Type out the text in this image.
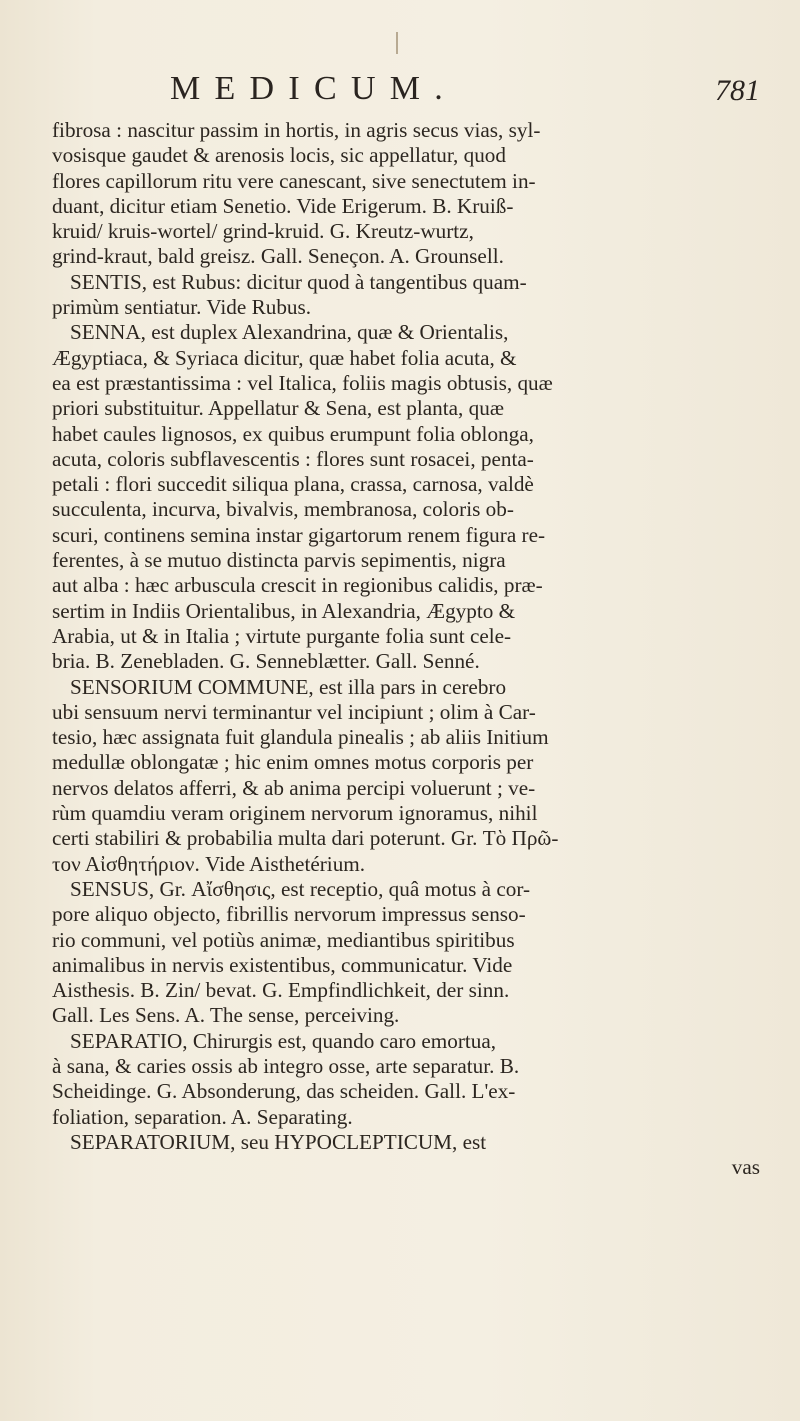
MEDICUM.	781
fibrosa : nascitur passim in hortis, in agris secus vias, syl-
vosisque gaudet & arenosis locis, sic appellatur, quod
flores capillorum ritu vere canescant, sive senectutem in-
duant, dicitur etiam Senetio. Vide Erigerum. B. Kruiß-
kruid/ kruis-wortel/ grind-kruid. G. Kreutz-wurtz,
grind-kraut, bald greisz. Gall. Seneçon. A. Grounsell.
SENTIS, est Rubus: dicitur quod à tangentibus quam-
primùm sentiatur. Vide Rubus.
SENNA, est duplex Alexandrina, quæ & Orientalis,
Ægyptiaca, & Syriaca dicitur, quæ habet folia acuta, &
ea est præstantissima : vel Italica, foliis magis obtusis, quæ
priori substituitur. Appellatur & Sena, est planta, quæ
habet caules lignosos, ex quibus erumpunt folia oblonga,
acuta, coloris subflavescentis : flores sunt rosacei, penta-
petali : flori succedit siliqua plana, crassa, carnosa, valdè
succulenta, incurva, bivalvis, membranosa, coloris ob-
scuri, continens semina instar gigartorum renem figura re-
ferentes, à se mutuo distincta parvis sepimentis, nigra
aut alba : hæc arbuscula crescit in regionibus calidis, præ-
sertim in Indiis Orientalibus, in Alexandria, Ægypto &
Arabia, ut & in Italia ; virtute purgante folia sunt cele-
bria. B. Zenebladen. G. Senneblætter. Gall. Senné.
SENSORIUM COMMUNE, est illa pars in cerebro
ubi sensuum nervi terminantur vel incipiunt ; olim à Car-
tesio, hæc assignata fuit glandula pinealis ; ab aliis Initium
medullæ oblongatæ ; hic enim omnes motus corporis per
nervos delatos afferri, & ab anima percipi voluerunt ; ve-
rùm quamdiu veram originem nervorum ignoramus, nihil
certi stabiliri & probabilia multa dari poterunt. Gr. Τὸ Πρῶ-
τον Αἰσθητήριον. Vide Aisthetérium.
SENSUS, Gr. Αἴσθησις, est receptio, quâ motus à cor-
pore aliquo objecto, fibrillis nervorum impressus senso-
rio communi, vel potiùs animæ, mediantibus spiritibus
animalibus in nervis existentibus, communicatur. Vide
Aisthesis. B. Zin/ bevat. G. Empfindlichkeit, der sinn.
Gall. Les Sens. A. The sense, perceiving.
SEPARATIO, Chirurgis est, quando caro emortua,
à sana, & caries ossis ab integro osse, arte separatur. B.
Scheidinge. G. Absonderung, das scheiden. Gall. L'ex-
foliation, separation. A. Separating.
SEPARATORIUM, seu HYPOCLEPTICUM, est
vas
